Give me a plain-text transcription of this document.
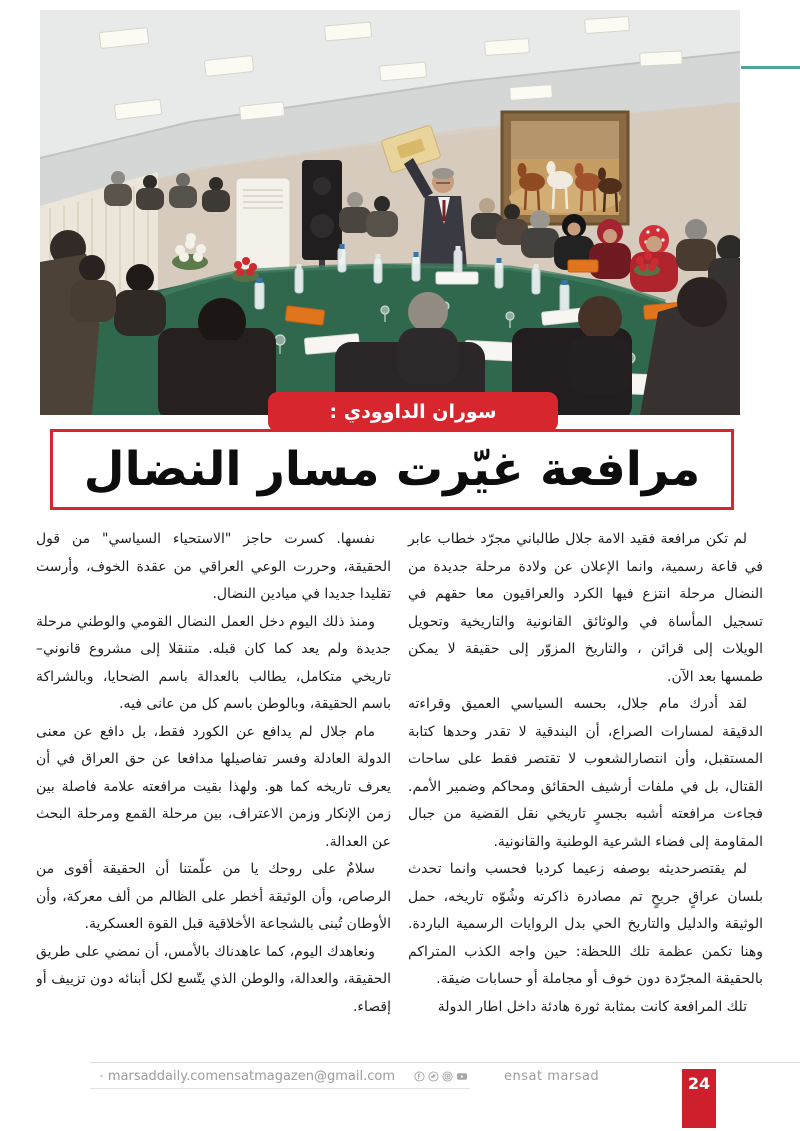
سوران الداوودي :
مرافعة غيّرت مسار النضال

لم تكن مرافعة فقيد الامة جلال طالباني مجرّد خطاب عابر في قاعة رسمية، وانما الإعلان عن ولادة مرحلة جديدة من النضال مرحلة انتزع فيها الكرد والعراقيون معا حقهم في تسجيل المأساة في والوثائق القانونية والتاريخية وتحويل الويلات إلى قرائن ، والتاريخ المزوّر إلى حقيقة لا يمكن طمسها بعد الآن.

لقد أدرك مام جلال، بحسه السياسي العميق وقراءته الدقيقة لمسارات الصراع، أن البندقية لا تقدر وحدها كتابة المستقبل، وأن انتصارالشعوب لا تقتصر فقط على ساحات القتال، بل في ملفات أرشيف الحقائق ومحاكم وضمير الأمم. فجاءت مرافعته أشبه بجسرٍ تاريخي نقل القضية من جبال المقاومة إلى فضاء الشرعية الوطنية والقانونية.

لم يقتصرحديثه بوصفه زعيما كرديا فحسب وانما تحدث بلسان عراقٍ جريحٍ تم مصادرة ذاكرته وشُوّه تاريخه، حمل الوثيقة والدليل والتاريخ الحي بدل الروايات الرسمية الباردة. وهنا تكمن عظمة تلك اللحظة: حين واجه الكذب المتراكم بالحقيقة المجرّدة دون خوف أو مجاملة أو حسابات ضيقة.

تلك المرافعة كانت بمثابة ثورة هادئة داخل اطار الدولة

نفسها. كسرت حاجز "الاستحياء السياسي" من قول الحقيقة، وحررت الوعي العراقي من عقدة الخوف، وأرست تقليدا جديدا في ميادين النضال.

ومنذ ذلك اليوم دخل العمل النضال القومي والوطني مرحلة جديدة ولم يعد كما كان قبله. متنقلا إلى مشروع قانوني– تاريخي متكامل، يطالب بالعدالة باسم الضحايا، وبالشراكة باسم الحقيقة، وبالوطن باسم كل من عانى فيه.

مام جلال لم يدافع عن الكورد فقط، بل دافع عن معنى الدولة العادلة وفسر تفاصيلها مدافعا عن حق العراق في أن يعرف تاريخه كما هو. ولهذا بقيت مرافعته علامة فاصلة بين زمن الإنكار وزمن الاعتراف، بين مرحلة القمع ومرحلة البحث عن العدالة.

سلامٌ على روحك يا من علّمتنا أن الحقيقة أقوى من الرصاص، وأن الوثيقة أخطر على الظالم من ألف معركة، وأن الأوطان تُبنى بالشجاعة الأخلاقية قبل القوة العسكرية.

ونعاهدك اليوم، كما عاهدناك بالأمس، أن نمضي على طريق الحقيقة، والعدالة، والوطن الذي يتّسع لكل أبنائه دون تزييف أو إقصاء.

marsaddaily.com ensatmagazen@gmail.com	ensat marsad	24
